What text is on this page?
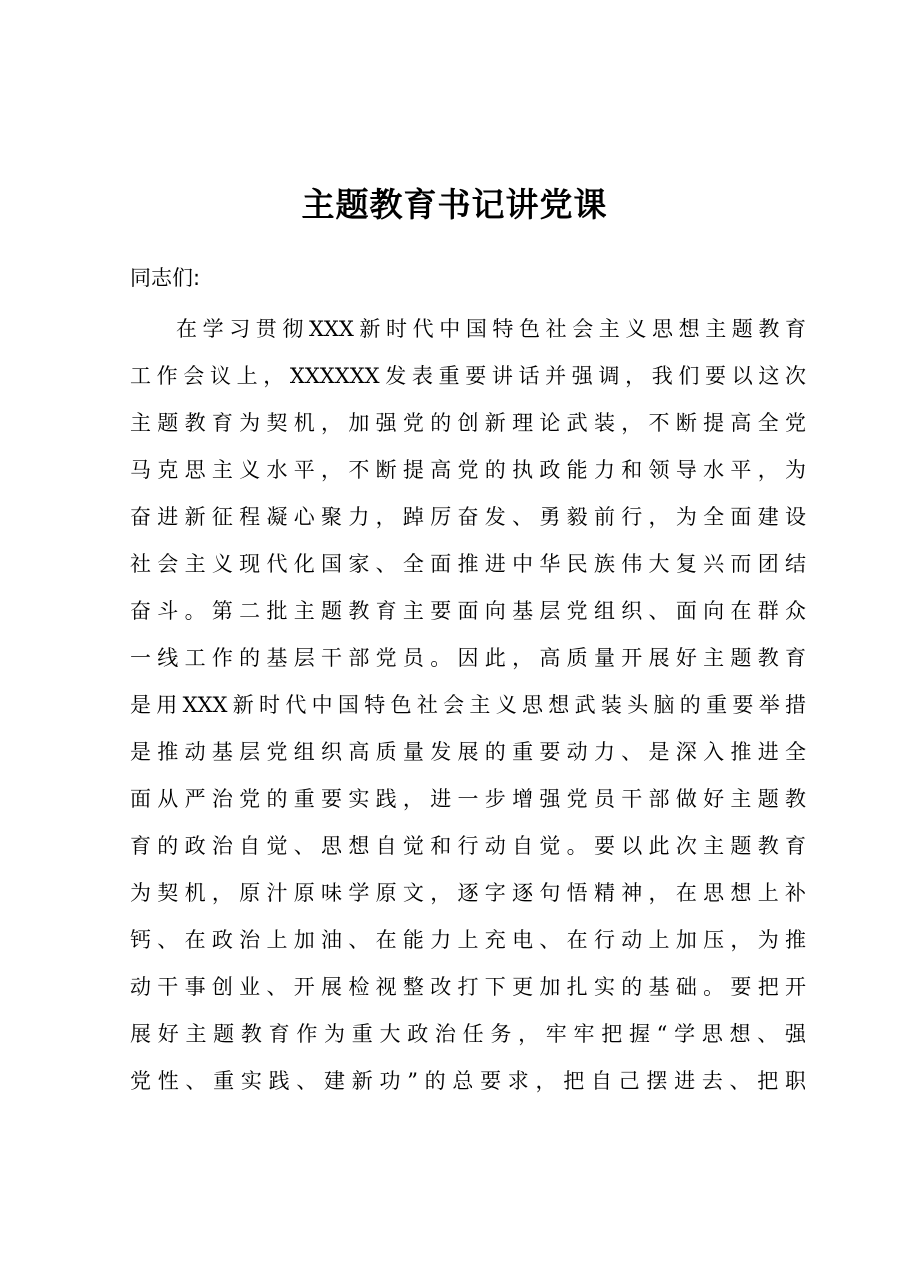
主题教育书记讲党课

同志们:

在学习贯彻XXX新时代中国特色社会主义思想主题教育
工作会议上，XXXXXX发表重要讲话并强调，我们要以这次
主题教育为契机，加强党的创新理论武装，不断提高全党
马克思主义水平，不断提高党的执政能力和领导水平，为
奋进新征程凝心聚力，踔厉奋发、勇毅前行，为全面建设
社会主义现代化国家、全面推进中华民族伟大复兴而团结
奋斗。第二批主题教育主要面向基层党组织、面向在群众
一线工作的基层干部党员。因此，高质量开展好主题教育
是用XXX新时代中国特色社会主义思想武装头脑的重要举措
是推动基层党组织高质量发展的重要动力、是深入推进全
面从严治党的重要实践，进一步增强党员干部做好主题教
育的政治自觉、思想自觉和行动自觉。要以此次主题教育
为契机，原汁原味学原文，逐字逐句悟精神，在思想上补
钙、在政治上加油、在能力上充电、在行动上加压，为推
动干事创业、开展检视整改打下更加扎实的基础。要把开
展好主题教育作为重大政治任务，牢牢把握“学思想、强
党性、重实践、建新功”的总要求，把自己摆进去、把职
